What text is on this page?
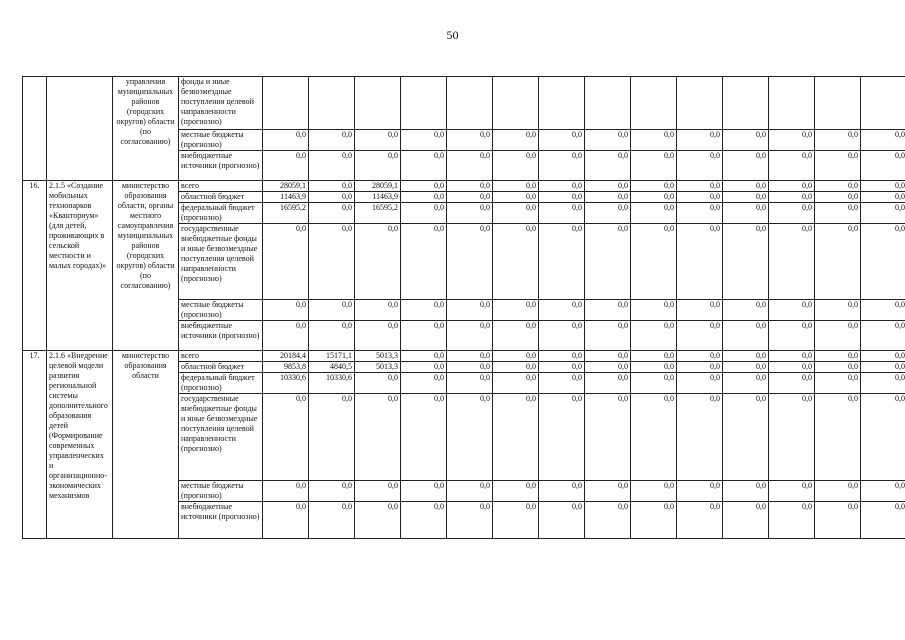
50
		управления муниципальных районов (городских округов) области (по согласованию)	фонды и иные безвозмездные поступления целевой направленности (прогнозно)														
			местные бюджеты (прогнозно)	0,0	0,0	0,0	0,0	0,0	0,0	0,0	0,0	0,0	0,0	0,0	0,0	0,0	0,0
			внебюджетные источники (прогнозно)	0,0	0,0	0,0	0,0	0,0	0,0	0,0	0,0	0,0	0,0	0,0	0,0	0,0	0,0
16.	2.1.5 «Создание мобильных технопарков «Кванториум» (для детей, проживающих в сельской местности и малых городах)»	министерство образования области, органы местного самоуправления муниципальных районов (городских округов) области (по согласованию)	всего	28059,1	0,0	28059,1	0,0	0,0	0,0	0,0	0,0	0,0	0,0	0,0	0,0	0,0	0,0
			областной бюджет	11463,9	0,0	11463,9	0,0	0,0	0,0	0,0	0,0	0,0	0,0	0,0	0,0	0,0	0,0
			федеральный бюджет (прогнозно)	16595,2	0,0	16595,2	0,0	0,0	0,0	0,0	0,0	0,0	0,0	0,0	0,0	0,0	0,0
			государственные внебюджетные фонды и иные безвозмездные поступления целевой направленности (прогнозно)	0,0	0,0	0,0	0,0	0,0	0,0	0,0	0,0	0,0	0,0	0,0	0,0	0,0	0,0
			местные бюджеты (прогнозно)	0,0	0,0	0,0	0,0	0,0	0,0	0,0	0,0	0,0	0,0	0,0	0,0	0,0	0,0
			внебюджетные источники (прогнозно)	0,0	0,0	0,0	0,0	0,0	0,0	0,0	0,0	0,0	0,0	0,0	0,0	0,0	0,0
17.	2.1.6 «Внедрение целевой модели развития региональной системы дополнительного образования детей (Формирование современных управленческих и организационно-экономических механизмов	министерство образования области	всего	20184,4	15171,1	5013,3	0,0	0,0	0,0	0,0	0,0	0,0	0,0	0,0	0,0	0,0	0,0
			областной бюджет	9853,8	4840,5	5013,3	0,0	0,0	0,0	0,0	0,0	0,0	0,0	0,0	0,0	0,0	0,0
			федеральный бюджет (прогнозно)	10330,6	10330,6	0,0	0,0	0,0	0,0	0,0	0,0	0,0	0,0	0,0	0,0	0,0	0,0
			государственные внебюджетные фонды и иные безвозмездные поступления целевой направленности (прогнозно)	0,0	0,0	0,0	0,0	0,0	0,0	0,0	0,0	0,0	0,0	0,0	0,0	0,0	0,0
			местные бюджеты (прогнозно)	0,0	0,0	0,0	0,0	0,0	0,0	0,0	0,0	0,0	0,0	0,0	0,0	0,0	0,0
			внебюджетные источники (прогнозно)	0,0	0,0	0,0	0,0	0,0	0,0	0,0	0,0	0,0	0,0	0,0	0,0	0,0	0,0
